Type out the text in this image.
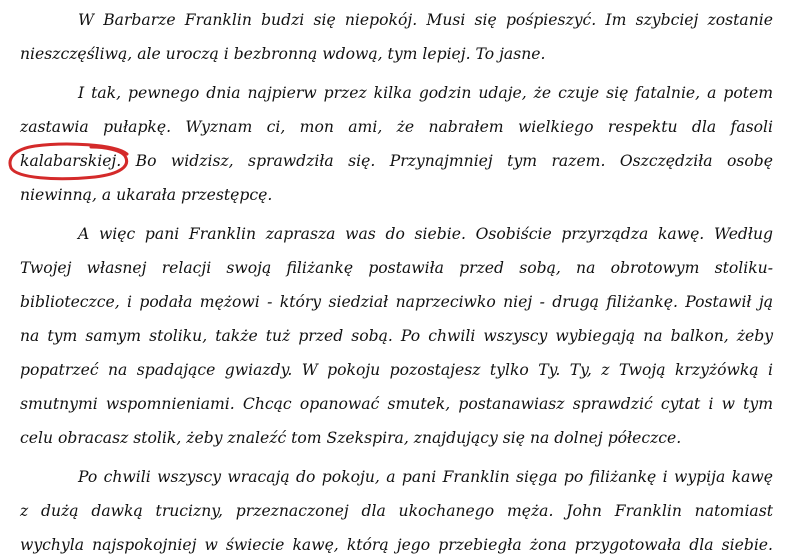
W Barbarze Franklin budzi się niepokój. Musi się pośpieszyć. Im szybciej zostanie

nieszczęśliwą, ale uroczą i bezbronną wdową, tym lepiej. To jasne.

I tak, pewnego dnia najpierw przez kilka godzin udaje, że czuje się fatalnie, a potem

zastawia pułapkę. Wyznam ci, mon ami, że nabrałem wielkiego respektu dla fasoli

kalabarskiej. Bo widzisz, sprawdziła się. Przynajmniej tym razem. Oszczędziła osobę

niewinną, a ukarała przestępcę.

A więc pani Franklin zaprasza was do siebie. Osobiście przyrządza kawę. Według

Twojej własnej relacji swoją filiżankę postawiła przed sobą, na obrotowym stoliku-

biblioteczce, i podała mężowi - który siedział naprzeciwko niej - drugą filiżankę. Postawił ją

na tym samym stoliku, także tuż przed sobą. Po chwili wszyscy wybiegają na balkon, żeby

popatrzeć na spadające gwiazdy. W pokoju pozostajesz tylko Ty. Ty, z Twoją krzyżówką i

smutnymi wspomnieniami. Chcąc opanować smutek, postanawiasz sprawdzić cytat i w tym

celu obracasz stolik, żeby znaleźć tom Szekspira, znajdujący się na dolnej półeczce.

Po chwili wszyscy wracają do pokoju, a pani Franklin sięga po filiżankę i wypija kawę

z dużą dawką trucizny, przeznaczonej dla ukochanego męża. John Franklin natomiast

wychyla najspokojniej w świecie kawę, którą jego przebiegła żona przygotowała dla siebie.
